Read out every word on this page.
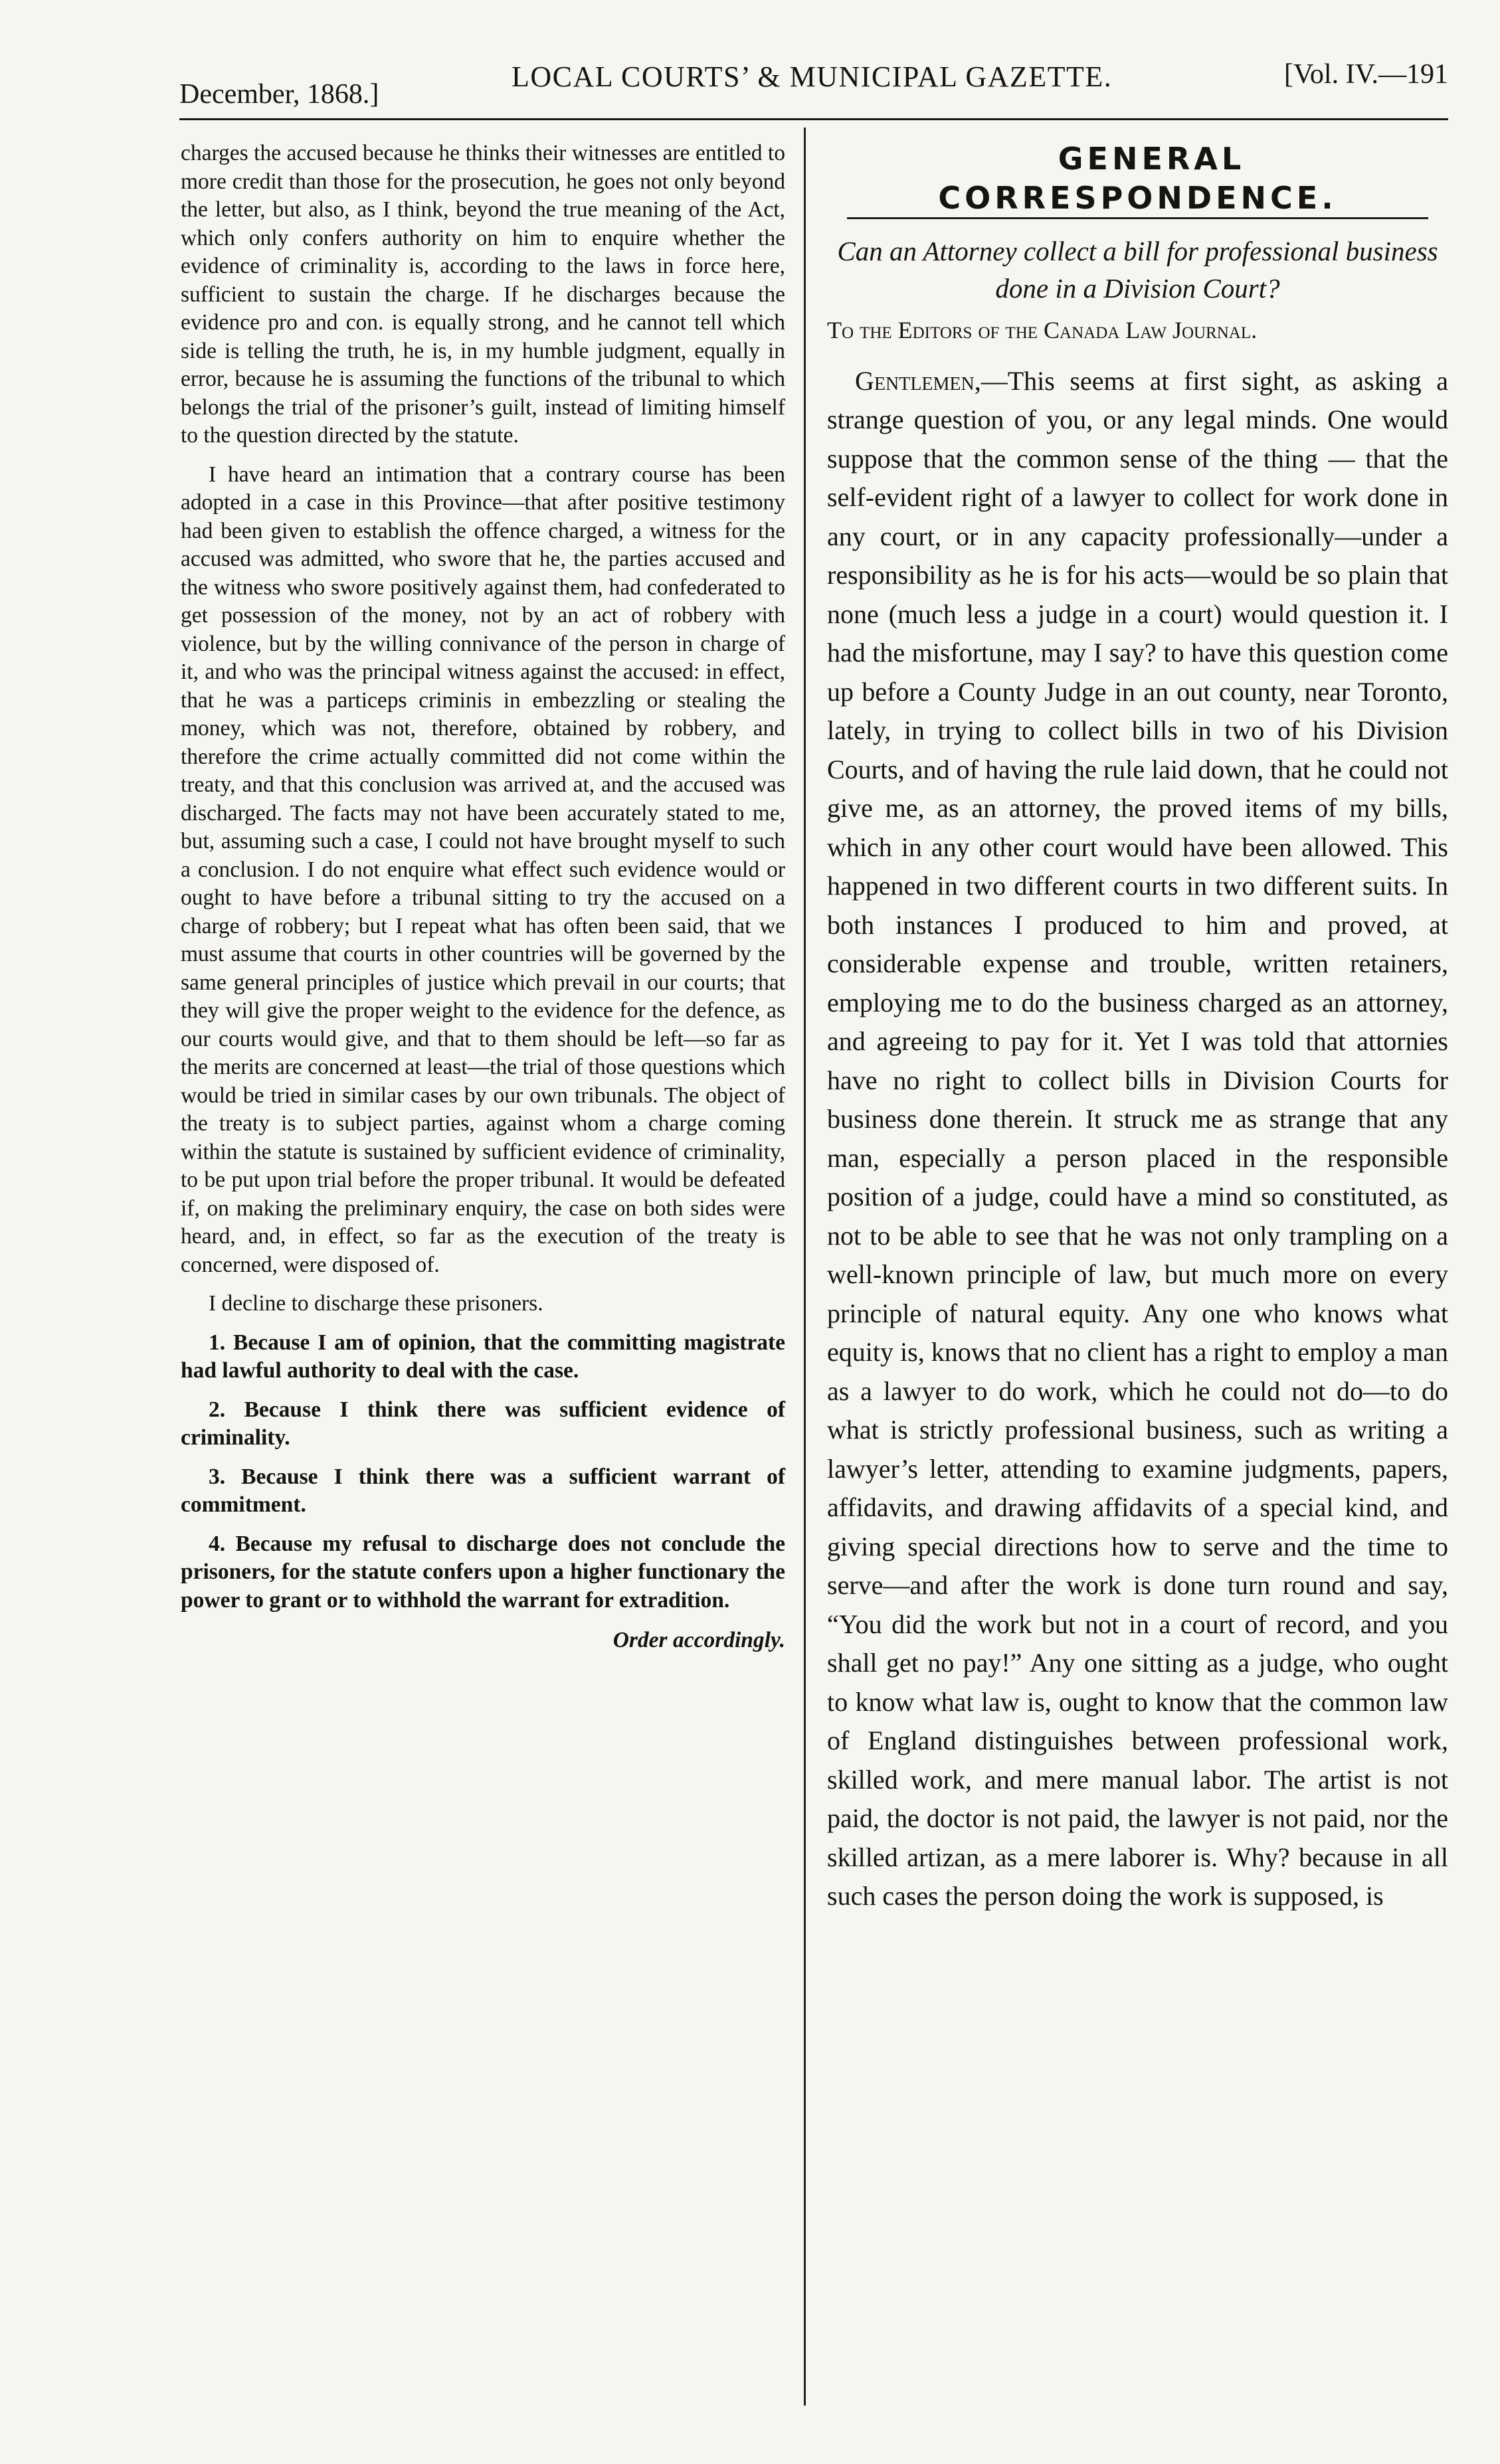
December, 1868.]
LOCAL COURTS’ & MUNICIPAL GAZETTE.	[Vol. IV.—191

charges the accused because he thinks their witnesses are entitled to more credit than those for the prosecution, he goes not only beyond the letter, but also, as I think, beyond the true meaning of the Act, which only confers authority on him to enquire whether the evidence of criminality is, according to the laws in force here, sufficient to sustain the charge. If he discharges because the evidence pro and con. is equally strong, and he cannot tell which side is telling the truth, he is, in my humble judgment, equally in error, because he is assuming the functions of the tribunal to which belongs the trial of the prisoner’s guilt, instead of limiting himself to the question directed by the statute.

I have heard an intimation that a contrary course has been adopted in a case in this Province—that after positive testimony had been given to establish the offence charged, a witness for the accused was admitted, who swore that he, the parties accused and the witness who swore positively against them, had confederated to get possession of the money, not by an act of robbery with violence, but by the willing connivance of the person in charge of it, and who was the principal witness against the accused: in effect, that he was a particeps criminis in embezzling or stealing the money, which was not, therefore, obtained by robbery, and therefore the crime actually committed did not come within the treaty, and that this conclusion was arrived at, and the accused was discharged. The facts may not have been accurately stated to me, but, assuming such a case, I could not have brought myself to such a conclusion. I do not enquire what effect such evidence would or ought to have before a tribunal sitting to try the accused on a charge of robbery; but I repeat what has often been said, that we must assume that courts in other countries will be governed by the same general principles of justice which prevail in our courts; that they will give the proper weight to the evidence for the defence, as our courts would give, and that to them should be left—so far as the merits are concerned at least—the trial of those questions which would be tried in similar cases by our own tribunals. The object of the treaty is to subject parties, against whom a charge coming within the statute is sustained by sufficient evidence of criminality, to be put upon trial before the proper tribunal. It would be defeated if, on making the preliminary enquiry, the case on both sides were heard, and, in effect, so far as the execution of the treaty is concerned, were disposed of.

I decline to discharge these prisoners.

1. Because I am of opinion, that the committing magistrate had lawful authority to deal with the case.

2. Because I think there was sufficient evidence of criminality.

3. Because I think there was a sufficient warrant of commitment.

4. Because my refusal to discharge does not conclude the prisoners, for the statute confers upon a higher functionary the power to grant or to withhold the warrant for extradition.

Order accordingly.

GENERAL CORRESPONDENCE.

Can an Attorney collect a bill for professional business done in a Division Court?

To the Editors of the Canada Law Journal.

Gentlemen,—This seems at first sight, as asking a strange question of you, or any legal minds. One would suppose that the common sense of the thing — that the self-evident right of a lawyer to collect for work done in any court, or in any capacity professionally—under a responsibility as he is for his acts—would be so plain that none (much less a judge in a court) would question it. I had the misfortune, may I say? to have this question come up before a County Judge in an out county, near Toronto, lately, in trying to collect bills in two of his Division Courts, and of having the rule laid down, that he could not give me, as an attorney, the proved items of my bills, which in any other court would have been allowed. This happened in two different courts in two different suits. In both instances I produced to him and proved, at considerable expense and trouble, written retainers, employing me to do the business charged as an attorney, and agreeing to pay for it. Yet I was told that attornies have no right to collect bills in Division Courts for business done therein. It struck me as strange that any man, especially a person placed in the responsible position of a judge, could have a mind so constituted, as not to be able to see that he was not only trampling on a well-known principle of law, but much more on every principle of natural equity. Any one who knows what equity is, knows that no client has a right to employ a man as a lawyer to do work, which he could not do—to do what is strictly professional business, such as writing a lawyer’s letter, attending to examine judgments, papers, affidavits, and drawing affidavits of a special kind, and giving special directions how to serve and the time to serve—and after the work is done turn round and say, “You did the work but not in a court of record, and you shall get no pay!” Any one sitting as a judge, who ought to know what law is, ought to know that the common law of England distinguishes between professional work, skilled work, and mere manual labor. The artist is not paid, the doctor is not paid, the lawyer is not paid, nor the skilled artizan, as a mere laborer is. Why? because in all such cases the person doing the work is supposed, is
